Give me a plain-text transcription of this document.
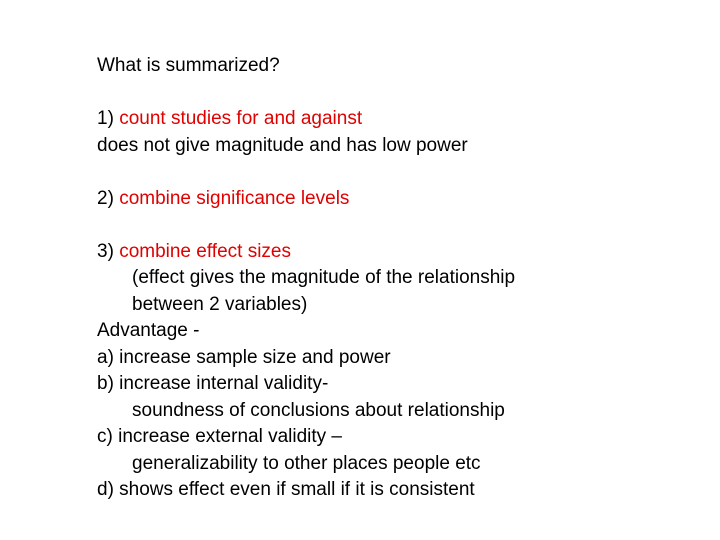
What is summarized?
1) count studies for and against
does not give magnitude and has low power
2) combine significance levels
3) combine effect sizes
(effect gives the magnitude of the relationship
between 2 variables)
Advantage -
a) increase sample size and power
b) increase internal validity-
soundness of conclusions about relationship
c) increase external validity –
generalizability to other places people etc
d) shows effect even if small if it is consistent
